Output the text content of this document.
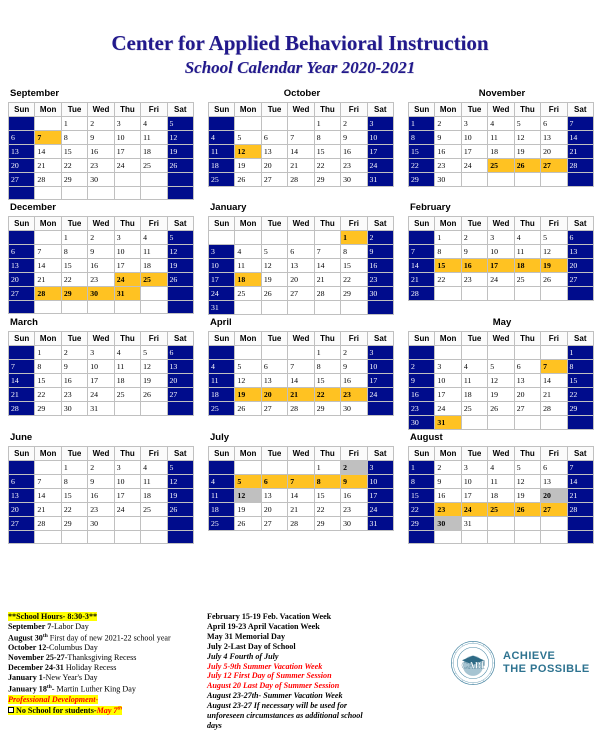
Center for Applied Behavioral Instruction
School Calendar Year 2020-2021
September
Sun	Mon	Tue	Wed	Thu	Fri	Sat
		1	2	3	4	5
6	7	8	9	10	11	12
13	14	15	16	17	18	19
20	21	22	23	24	25	26
27	28	29	30			

October
Sun	Mon	Tue	Wed	Thu	Fri	Sat
				1	2	3
4	5	6	7	8	9	10
11	12	13	14	15	16	17
18	19	20	21	22	23	24
25	26	27	28	29	30	31
November
Sun	Mon	Tue	Wed	Thu	Fri	Sat
1	2	3	4	5	6	7
8	9	10	11	12	13	14
15	16	17	18	19	20	21
22	23	24	25	26	27	28
29	30					
December
Sun	Mon	Tue	Wed	Thu	Fri	Sat
		1	2	3	4	5
6	7	8	9	10	11	12
13	14	15	16	17	18	19
20	21	22	23	24	25	26
27	28	29	30	31		

January
Sun	Mon	Tue	Wed	Thu	Fri	Sat
					1	2
3	4	5	6	7	8	9
10	11	12	13	14	15	16
17	18	19	20	21	22	23
24	25	26	27	28	29	30
31						
February
Sun	Mon	Tue	Wed	Thu	Fri	Sat
	1	2	3	4	5	6
7	8	9	10	11	12	13
14	15	16	17	18	19	20
21	22	23	24	25	26	27
28						
March
Sun	Mon	Tue	Wed	Thu	Fri	Sat
	1	2	3	4	5	6
7	8	9	10	11	12	13
14	15	16	17	18	19	20
21	22	23	24	25	26	27
28	29	30	31			
April
Sun	Mon	Tue	Wed	Thu	Fri	Sat
				1	2	3
4	5	6	7	8	9	10
11	12	13	14	15	16	17
18	19	20	21	22	23	24
25	26	27	28	29	30	
May
Sun	Mon	Tue	Wed	Thu	Fri	Sat
						1
2	3	4	5	6	7	8
9	10	11	12	13	14	15
16	17	18	19	20	21	22
23	24	25	26	27	28	29
30	31					
June
Sun	Mon	Tue	Wed	Thu	Fri	Sat
		1	2	3	4	5
6	7	8	9	10	11	12
13	14	15	16	17	18	19
20	21	22	23	24	25	26
27	28	29	30			

July
Sun	Mon	Tue	Wed	Thu	Fri	Sat
				1	2	3
4	5	6	7	8	9	10
11	12	13	14	15	16	17
18	19	20	21	22	23	24
25	26	27	28	29	30	31
August
Sun	Mon	Tue	Wed	Thu	Fri	Sat
1	2	3	4	5	6	7
8	9	10	11	12	13	14
15	16	17	18	19	20	21
22	23	24	25	26	27	28
29	30	31				

**School Hours- 8:30-3**
September 7-Labor Day
August 30th First day of new 2021-22 school year
October 12-Columbus Day
November 25-27-Thanksgiving Recess
December 24-31 Holiday Recess
January 1-New Year's Day
January 18th- Martin Luther King Day
Professional Development-
No School for students-May 7th
February 15-19 Feb. Vacation Week
April 19-23 April Vacation Week
May 31 Memorial Day
July 2-Last Day of School
July 4 Fourth of July
July 5-9th Summer Vacation Week
July 12 First Day of Summer Session
August 20 Last Day of Summer Session
August 23-27th- Summer Vacation Week
August 23-27 If necessary will be used for
unforeseen circumstances as additional school
days
CABI
ACHIEVE
THE POSSIBLE
